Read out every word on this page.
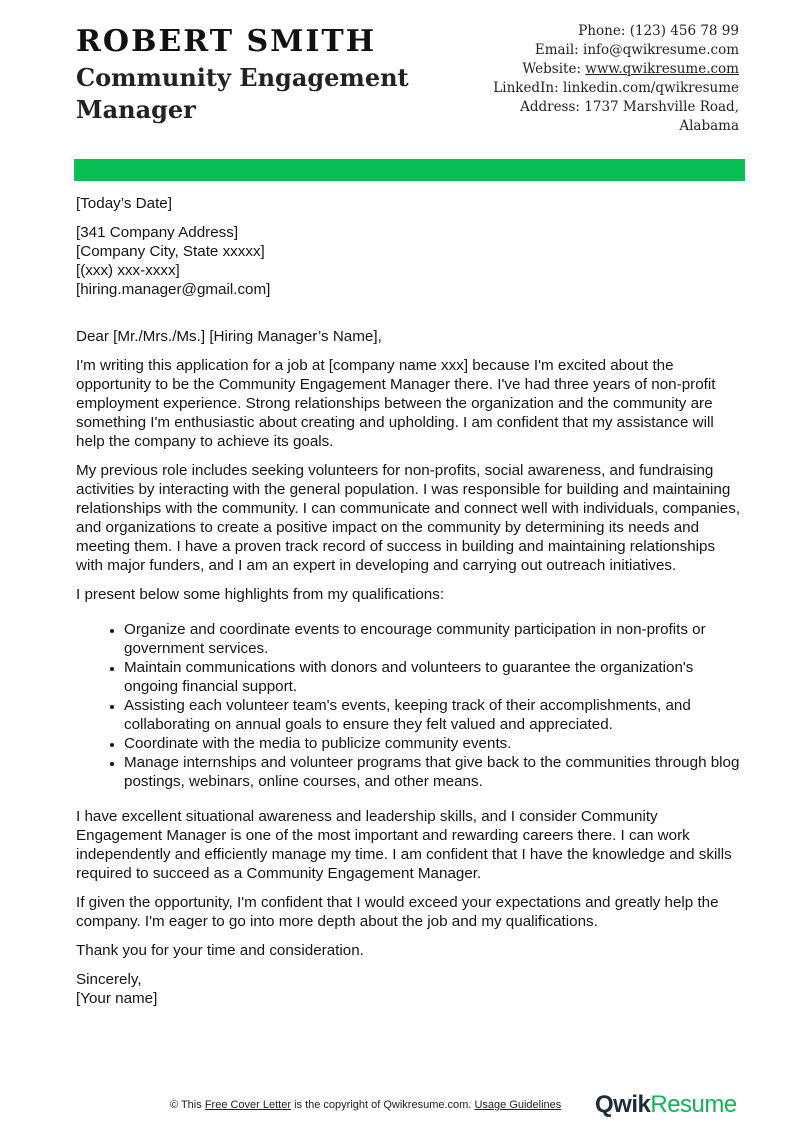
ROBERT SMITH
Community Engagement Manager
Phone: (123) 456 78 99
Email: info@qwikresume.com
Website: www.qwikresume.com
LinkedIn: linkedin.com/qwikresume
Address: 1737 Marshville Road,
Alabama

[Today’s Date]

[341 Company Address]
[Company City, State xxxxx]
[(xxx) xxx-xxxx]
[hiring.manager@gmail.com]

Dear [Mr./Mrs./Ms.] [Hiring Manager’s Name],

I'm writing this application for a job at [company name xxx] because I'm excited about the opportunity to be the Community Engagement Manager there. I've had three years of non-profit employment experience. Strong relationships between the organization and the community are something I'm enthusiastic about creating and upholding. I am confident that my assistance will help the company to achieve its goals.

My previous role includes seeking volunteers for non-profits, social awareness, and fundraising activities by interacting with the general population. I was responsible for building and maintaining relationships with the community. I can communicate and connect well with individuals, companies, and organizations to create a positive impact on the community by determining its needs and meeting them. I have a proven track record of success in building and maintaining relationships with major funders, and I am an expert in developing and carrying out outreach initiatives.

I present below some highlights from my qualifications:

• Organize and coordinate events to encourage community participation in non-profits or government services.
• Maintain communications with donors and volunteers to guarantee the organization's ongoing financial support.
• Assisting each volunteer team's events, keeping track of their accomplishments, and collaborating on annual goals to ensure they felt valued and appreciated.
• Coordinate with the media to publicize community events.
• Manage internships and volunteer programs that give back to the communities through blog postings, webinars, online courses, and other means.

I have excellent situational awareness and leadership skills, and I consider Community Engagement Manager is one of the most important and rewarding careers there. I can work independently and efficiently manage my time. I am confident that I have the knowledge and skills required to succeed as a Community Engagement Manager.

If given the opportunity, I'm confident that I would exceed your expectations and greatly help the company. I'm eager to go into more depth about the job and my qualifications.

Thank you for your time and consideration.

Sincerely,
[Your name]
© This Free Cover Letter is the copyright of Qwikresume.com. Usage Guidelines QwikResume
